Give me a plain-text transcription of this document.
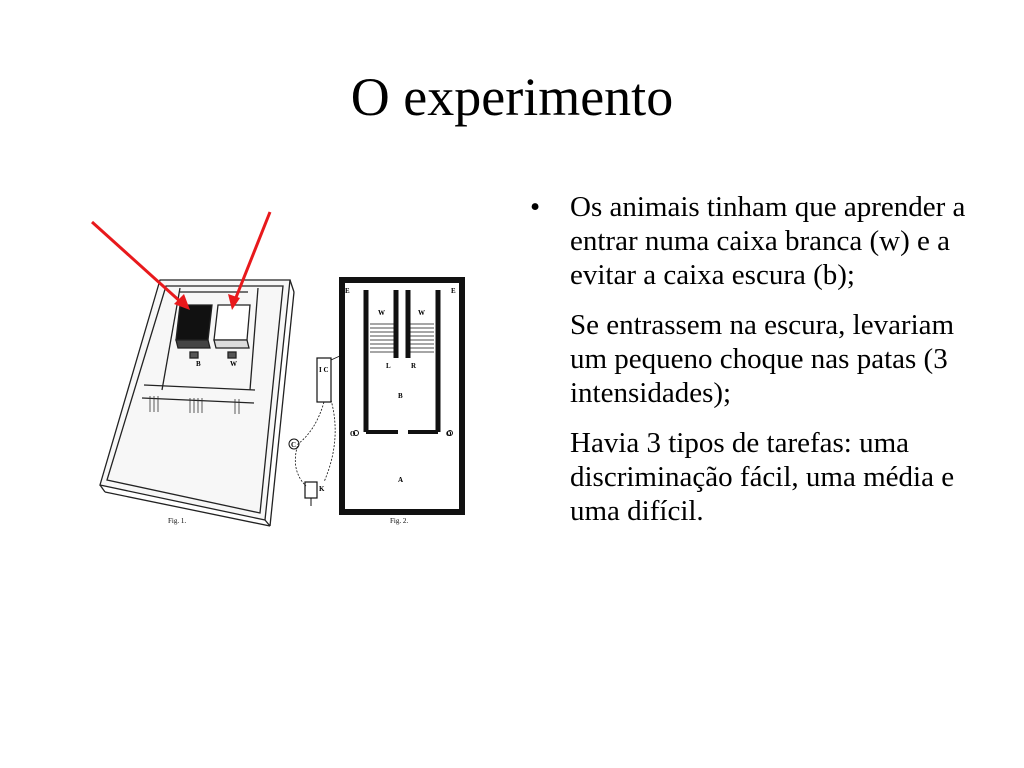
O experimento
B	W
Fig. 1.
E
W	W
E
L	R
B
A
O	O
I C
C
K
Fig. 2.
• Os animais tinham que aprender a entrar numa caixa branca (w) e a evitar a caixa escura (b);
Se entrassem na escura, levariam um pequeno choque nas patas (3 intensidades);
Havia 3 tipos de tarefas: uma discriminação fácil, uma média e uma difícil.
